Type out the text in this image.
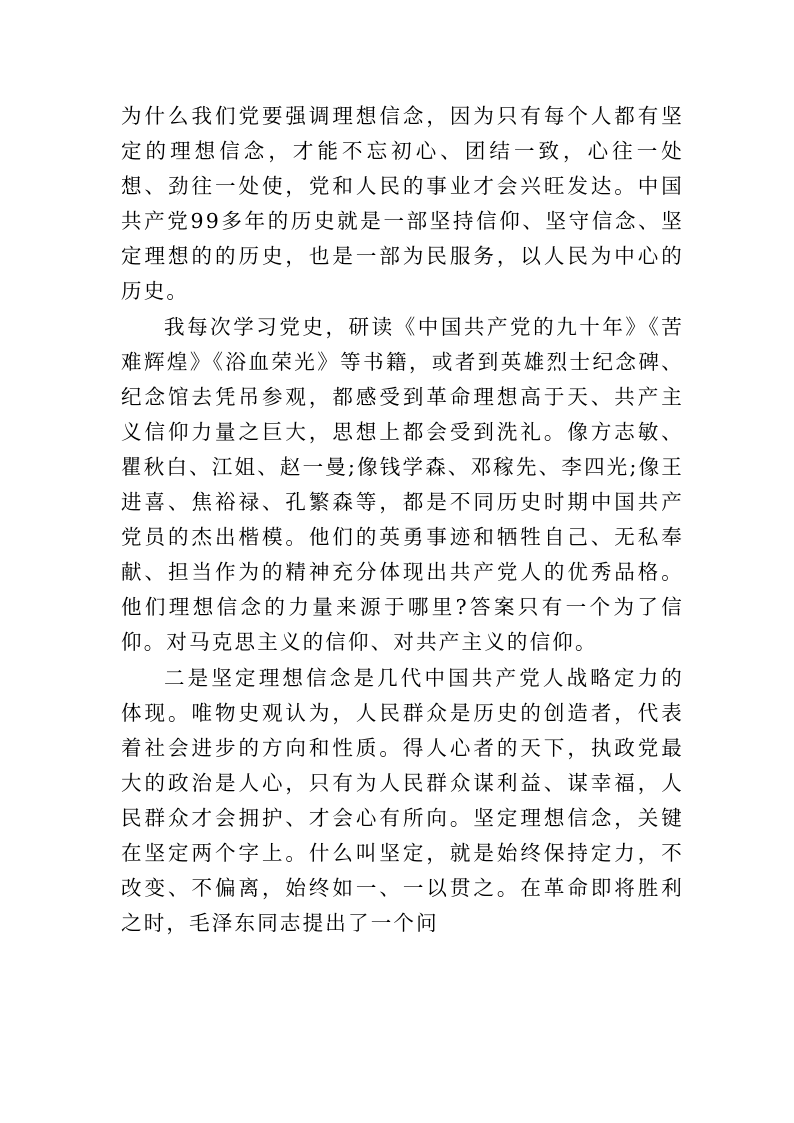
为什么我们党要强调理想信念，因为只有每个人都有坚定的理想信念，才能不忘初心、团结一致，心往一处想、劲往一处使，党和人民的事业才会兴旺发达。中国共产党99多年的历史就是一部坚持信仰、坚守信念、坚定理想的的历史，也是一部为民服务，以人民为中心的历史。

我每次学习党史，研读《中国共产党的九十年》《苦难辉煌》《浴血荣光》等书籍，或者到英雄烈士纪念碑、纪念馆去凭吊参观，都感受到革命理想高于天、共产主义信仰力量之巨大，思想上都会受到洗礼。像方志敏、瞿秋白、江姐、赵一曼;像钱学森、邓稼先、李四光;像王进喜、焦裕禄、孔繁森等，都是不同历史时期中国共产党员的杰出楷模。他们的英勇事迹和牺牲自己、无私奉献、担当作为的精神充分体现出共产党人的优秀品格。他们理想信念的力量来源于哪里?答案只有一个为了信仰。对马克思主义的信仰、对共产主义的信仰。

二是坚定理想信念是几代中国共产党人战略定力的体现。唯物史观认为，人民群众是历史的创造者，代表着社会进步的方向和性质。得人心者的天下，执政党最大的政治是人心，只有为人民群众谋利益、谋幸福，人民群众才会拥护、才会心有所向。坚定理想信念，关键在坚定两个字上。什么叫坚定，就是始终保持定力，不改变、不偏离，始终如一、一以贯之。在革命即将胜利之时，毛泽东同志提出了一个问
